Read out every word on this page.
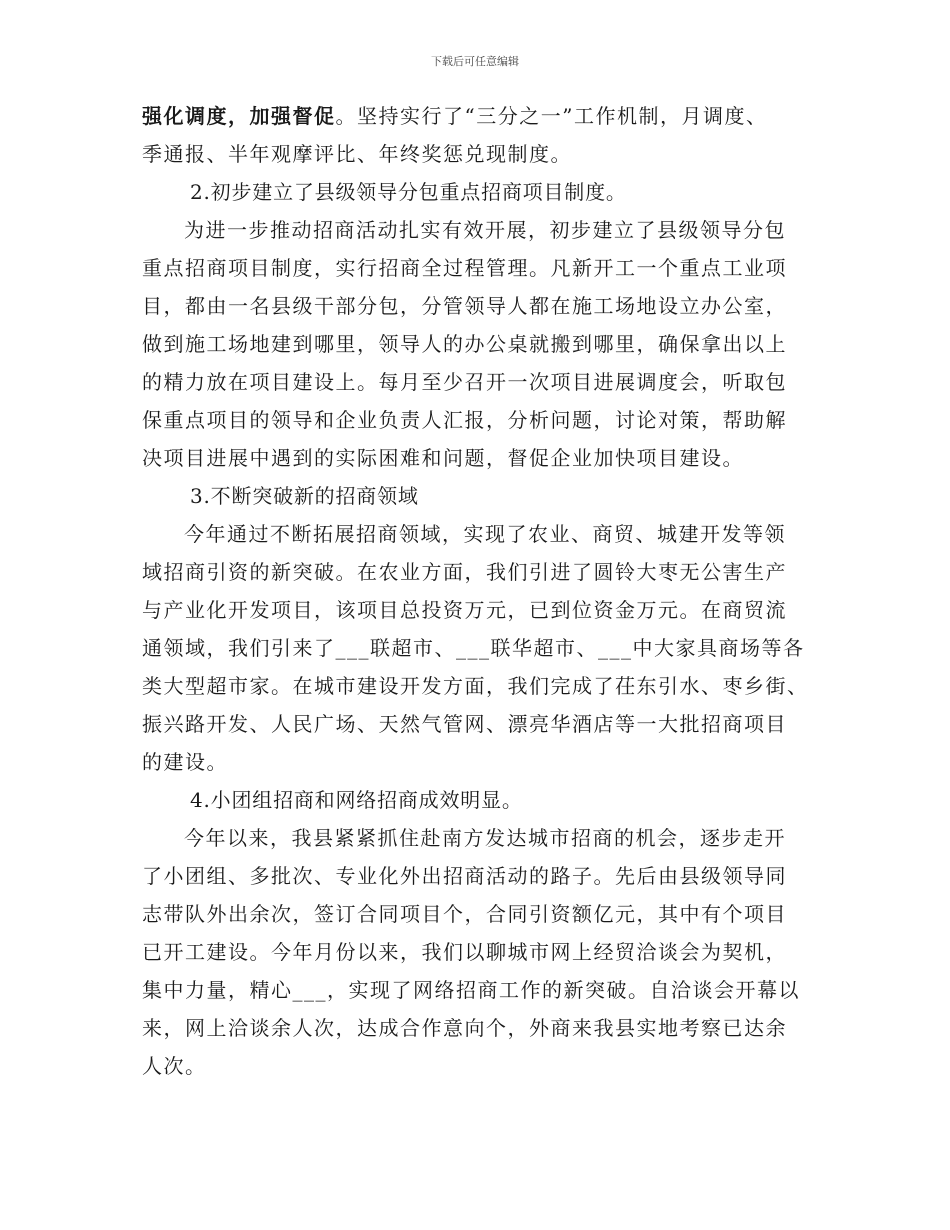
下载后可任意编辑
强化调度，加强督促。坚持实行了“三分之一”工作机制，月调度、
季通报、半年观摩评比、年终奖惩兑现制度。
2.初步建立了县级领导分包重点招商项目制度。
为进一步推动招商活动扎实有效开展，初步建立了县级领导分包
重点招商项目制度，实行招商全过程管理。凡新开工一个重点工业项
目，都由一名县级干部分包，分管领导人都在施工场地设立办公室，
做到施工场地建到哪里，领导人的办公桌就搬到哪里，确保拿出以上
的精力放在项目建设上。每月至少召开一次项目进展调度会，听取包
保重点项目的领导和企业负责人汇报，分析问题，讨论对策，帮助解
决项目进展中遇到的实际困难和问题，督促企业加快项目建设。
3.不断突破新的招商领域
今年通过不断拓展招商领域，实现了农业、商贸、城建开发等领
域招商引资的新突破。在农业方面，我们引进了圆铃大枣无公害生产
与产业化开发项目，该项目总投资万元，已到位资金万元。在商贸流
通领域，我们引来了___联超市、___联华超市、___中大家具商场等各
类大型超市家。在城市建设开发方面，我们完成了茌东引水、枣乡街、
振兴路开发、人民广场、天然气管网、漂亮华酒店等一大批招商项目
的建设。
4.小团组招商和网络招商成效明显。
今年以来，我县紧紧抓住赴南方发达城市招商的机会，逐步走开
了小团组、多批次、专业化外出招商活动的路子。先后由县级领导同
志带队外出余次，签订合同项目个，合同引资额亿元，其中有个项目
已开工建设。今年月份以来，我们以聊城市网上经贸洽谈会为契机，
集中力量，精心___，实现了网络招商工作的新突破。自洽谈会开幕以
来，网上洽谈余人次，达成合作意向个，外商来我县实地考察已达余
人次。
